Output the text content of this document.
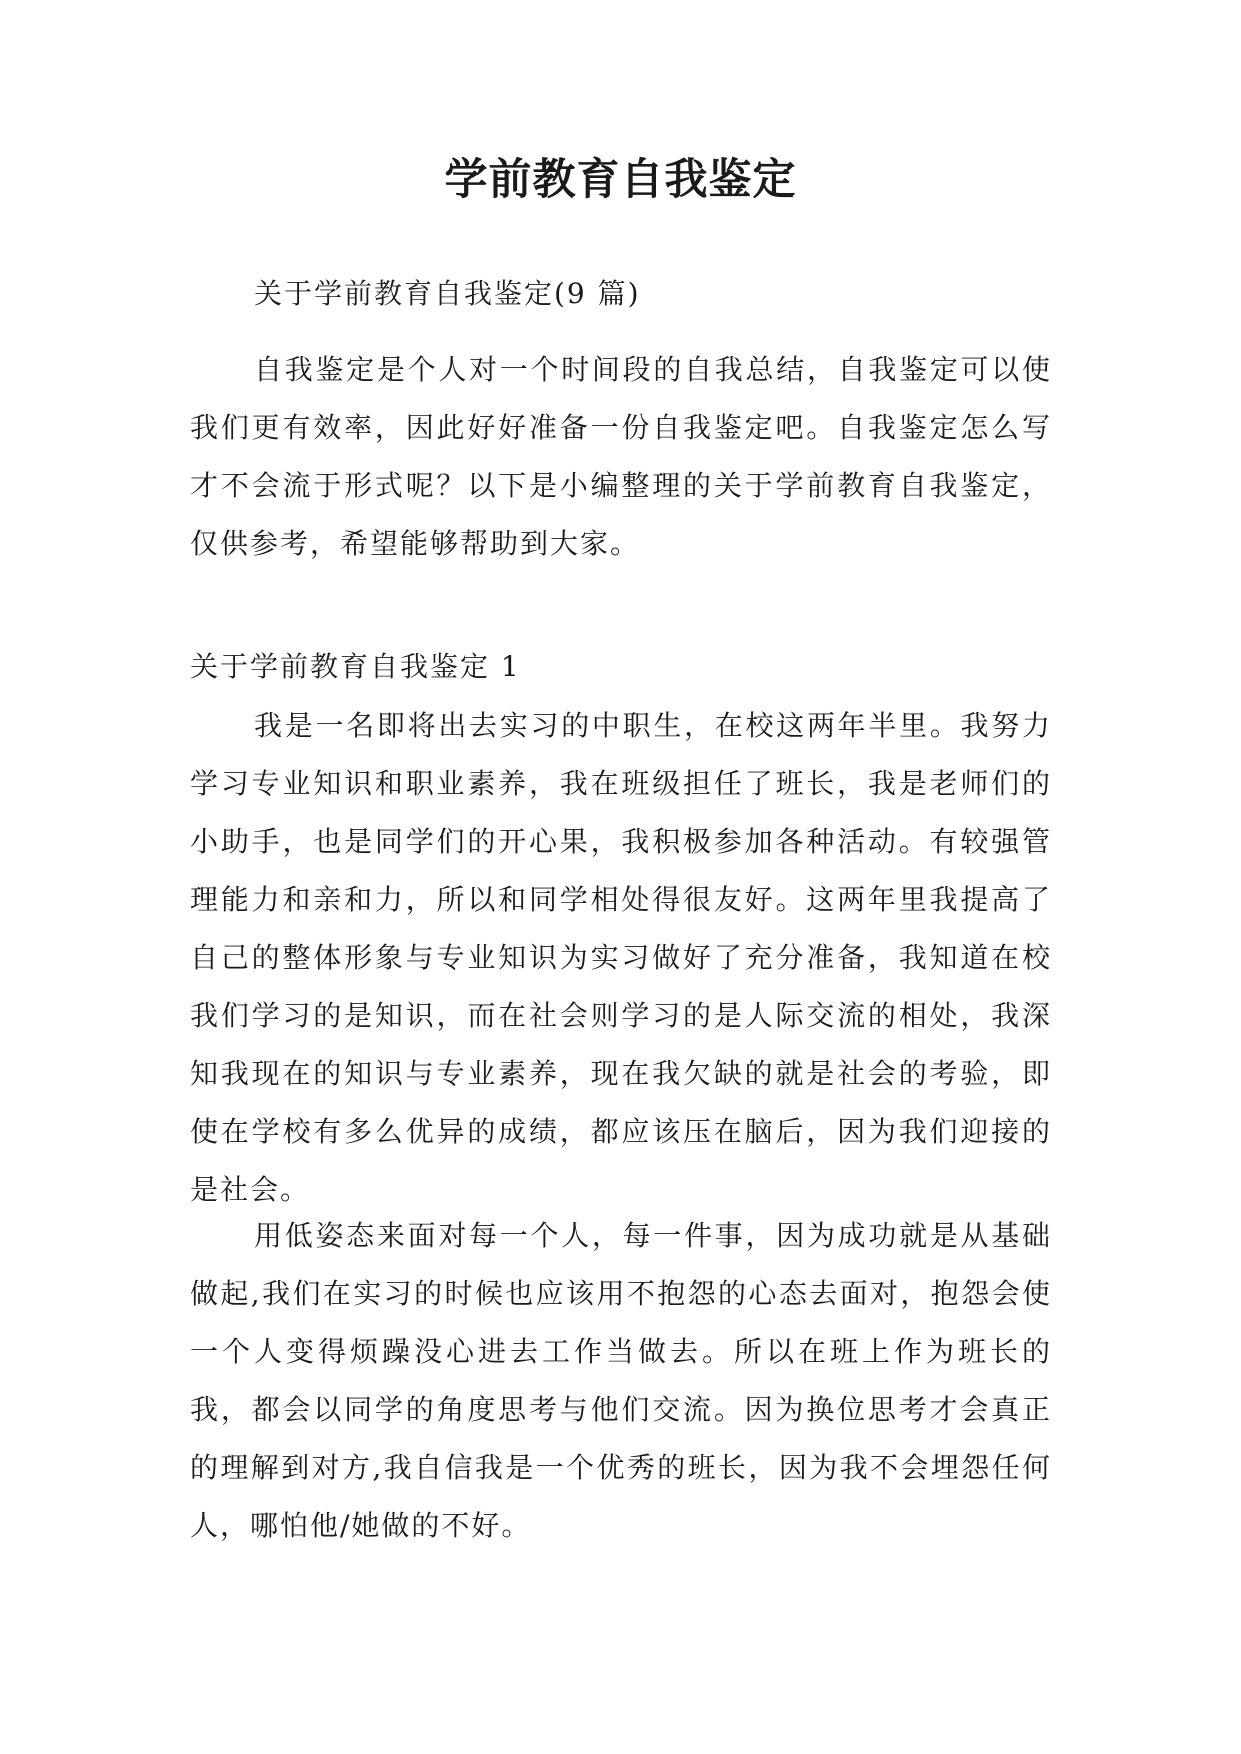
学前教育自我鉴定

关于学前教育自我鉴定(9 篇)

自我鉴定是个人对一个时间段的自我总结，自我鉴定可以使我们更有效率，因此好好准备一份自我鉴定吧。自我鉴定怎么写才不会流于形式呢？以下是小编整理的关于学前教育自我鉴定，仅供参考，希望能够帮助到大家。

关于学前教育自我鉴定 1

我是一名即将出去实习的中职生，在校这两年半里。我努力学习专业知识和职业素养，我在班级担任了班长，我是老师们的小助手，也是同学们的开心果，我积极参加各种活动。有较强管理能力和亲和力，所以和同学相处得很友好。这两年里我提高了自己的整体形象与专业知识为实习做好了充分准备，我知道在校我们学习的是知识，而在社会则学习的是人际交流的相处，我深知我现在的知识与专业素养，现在我欠缺的就是社会的考验，即使在学校有多么优异的成绩，都应该压在脑后，因为我们迎接的是社会。

用低姿态来面对每一个人，每一件事，因为成功就是从基础做起,我们在实习的时候也应该用不抱怨的心态去面对，抱怨会使一个人变得烦躁没心进去工作当做去。所以在班上作为班长的我，都会以同学的角度思考与他们交流。因为换位思考才会真正的理解到对方,我自信我是一个优秀的班长，因为我不会埋怨任何人，哪怕他/她做的不好。
